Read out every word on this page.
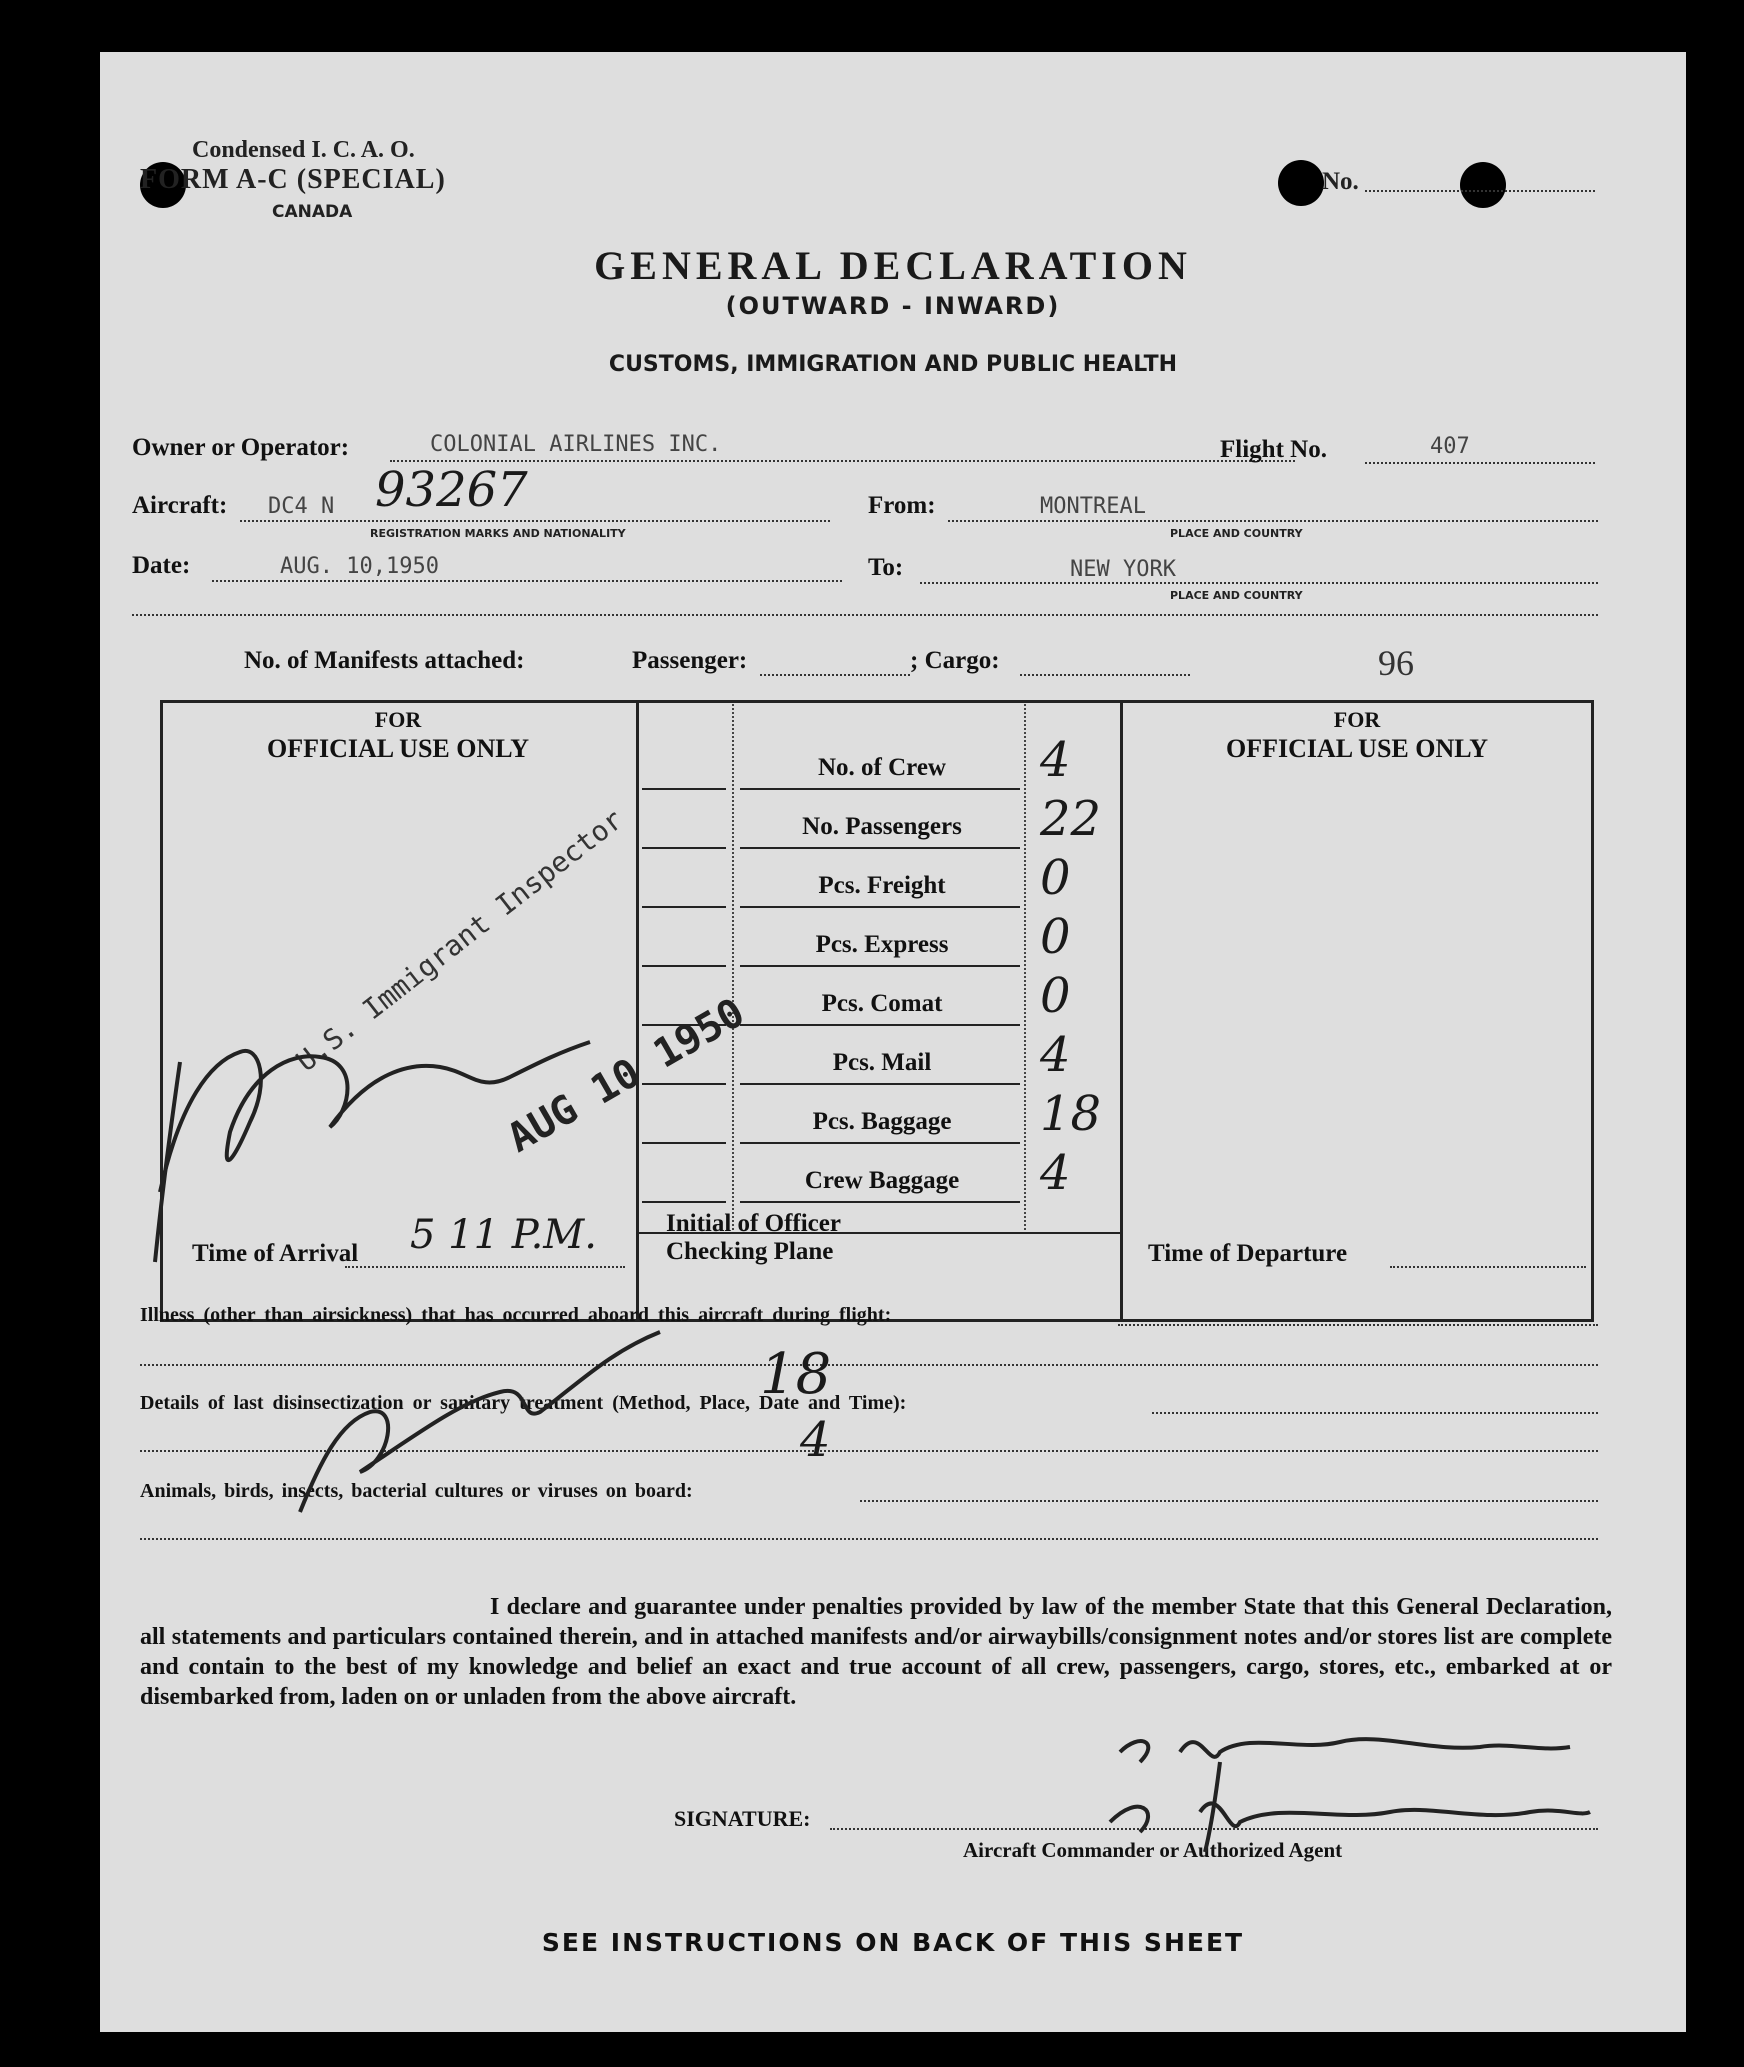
Condensed I. C. A. O.
FORM A-C (SPECIAL)
CANADA
No.
GENERAL DECLARATION
(OUTWARD - INWARD)
CUSTOMS, IMMIGRATION AND PUBLIC HEALTH
Owner or Operator:	COLONIAL AIRLINES INC.	Flight No.	407
Aircraft: DC4 N 93267
REGISTRATION MARKS AND NATIONALITY
From:	MONTREAL
PLACE AND COUNTRY
Date:	AUG. 10,1950	To:	NEW YORK
PLACE AND COUNTRY
No. of Manifests attached:	Passenger:	; Cargo:	96
FOR
OFFICIAL USE ONLY
FOR
OFFICIAL USE ONLY
No. of Crew	4
No. Passengers	22
Pcs. Freight	0
Pcs. Express	0
Pcs. Comat	0
Pcs. Mail	4
Pcs. Baggage	18
Crew Baggage	4
Time of Arrival 5 11 P.M.	Initial of Officer
Checking Plane	Time of Departure
U.S. Immigrant Inspector
AUG 10 1950
Illness (other than airsickness) that has occurred aboard this aircraft during flight:
Details of last disinsectization or sanitary treatment (Method, Place, Date and Time):
Animals, birds, insects, bacterial cultures or viruses on board:
18
4
I declare and guarantee under penalties provided by law of the member State that this General Declaration, all statements and particulars contained therein, and in attached manifests and/or airwaybills/consignment notes and/or stores list are complete and contain to the best of my knowledge and belief an exact and true account of all crew, passengers, cargo, stores, etc., embarked at or disembarked from, laden on or unladen from the above aircraft.
SIGNATURE:
Aircraft Commander or Authorized Agent
SEE INSTRUCTIONS ON BACK OF THIS SHEET
